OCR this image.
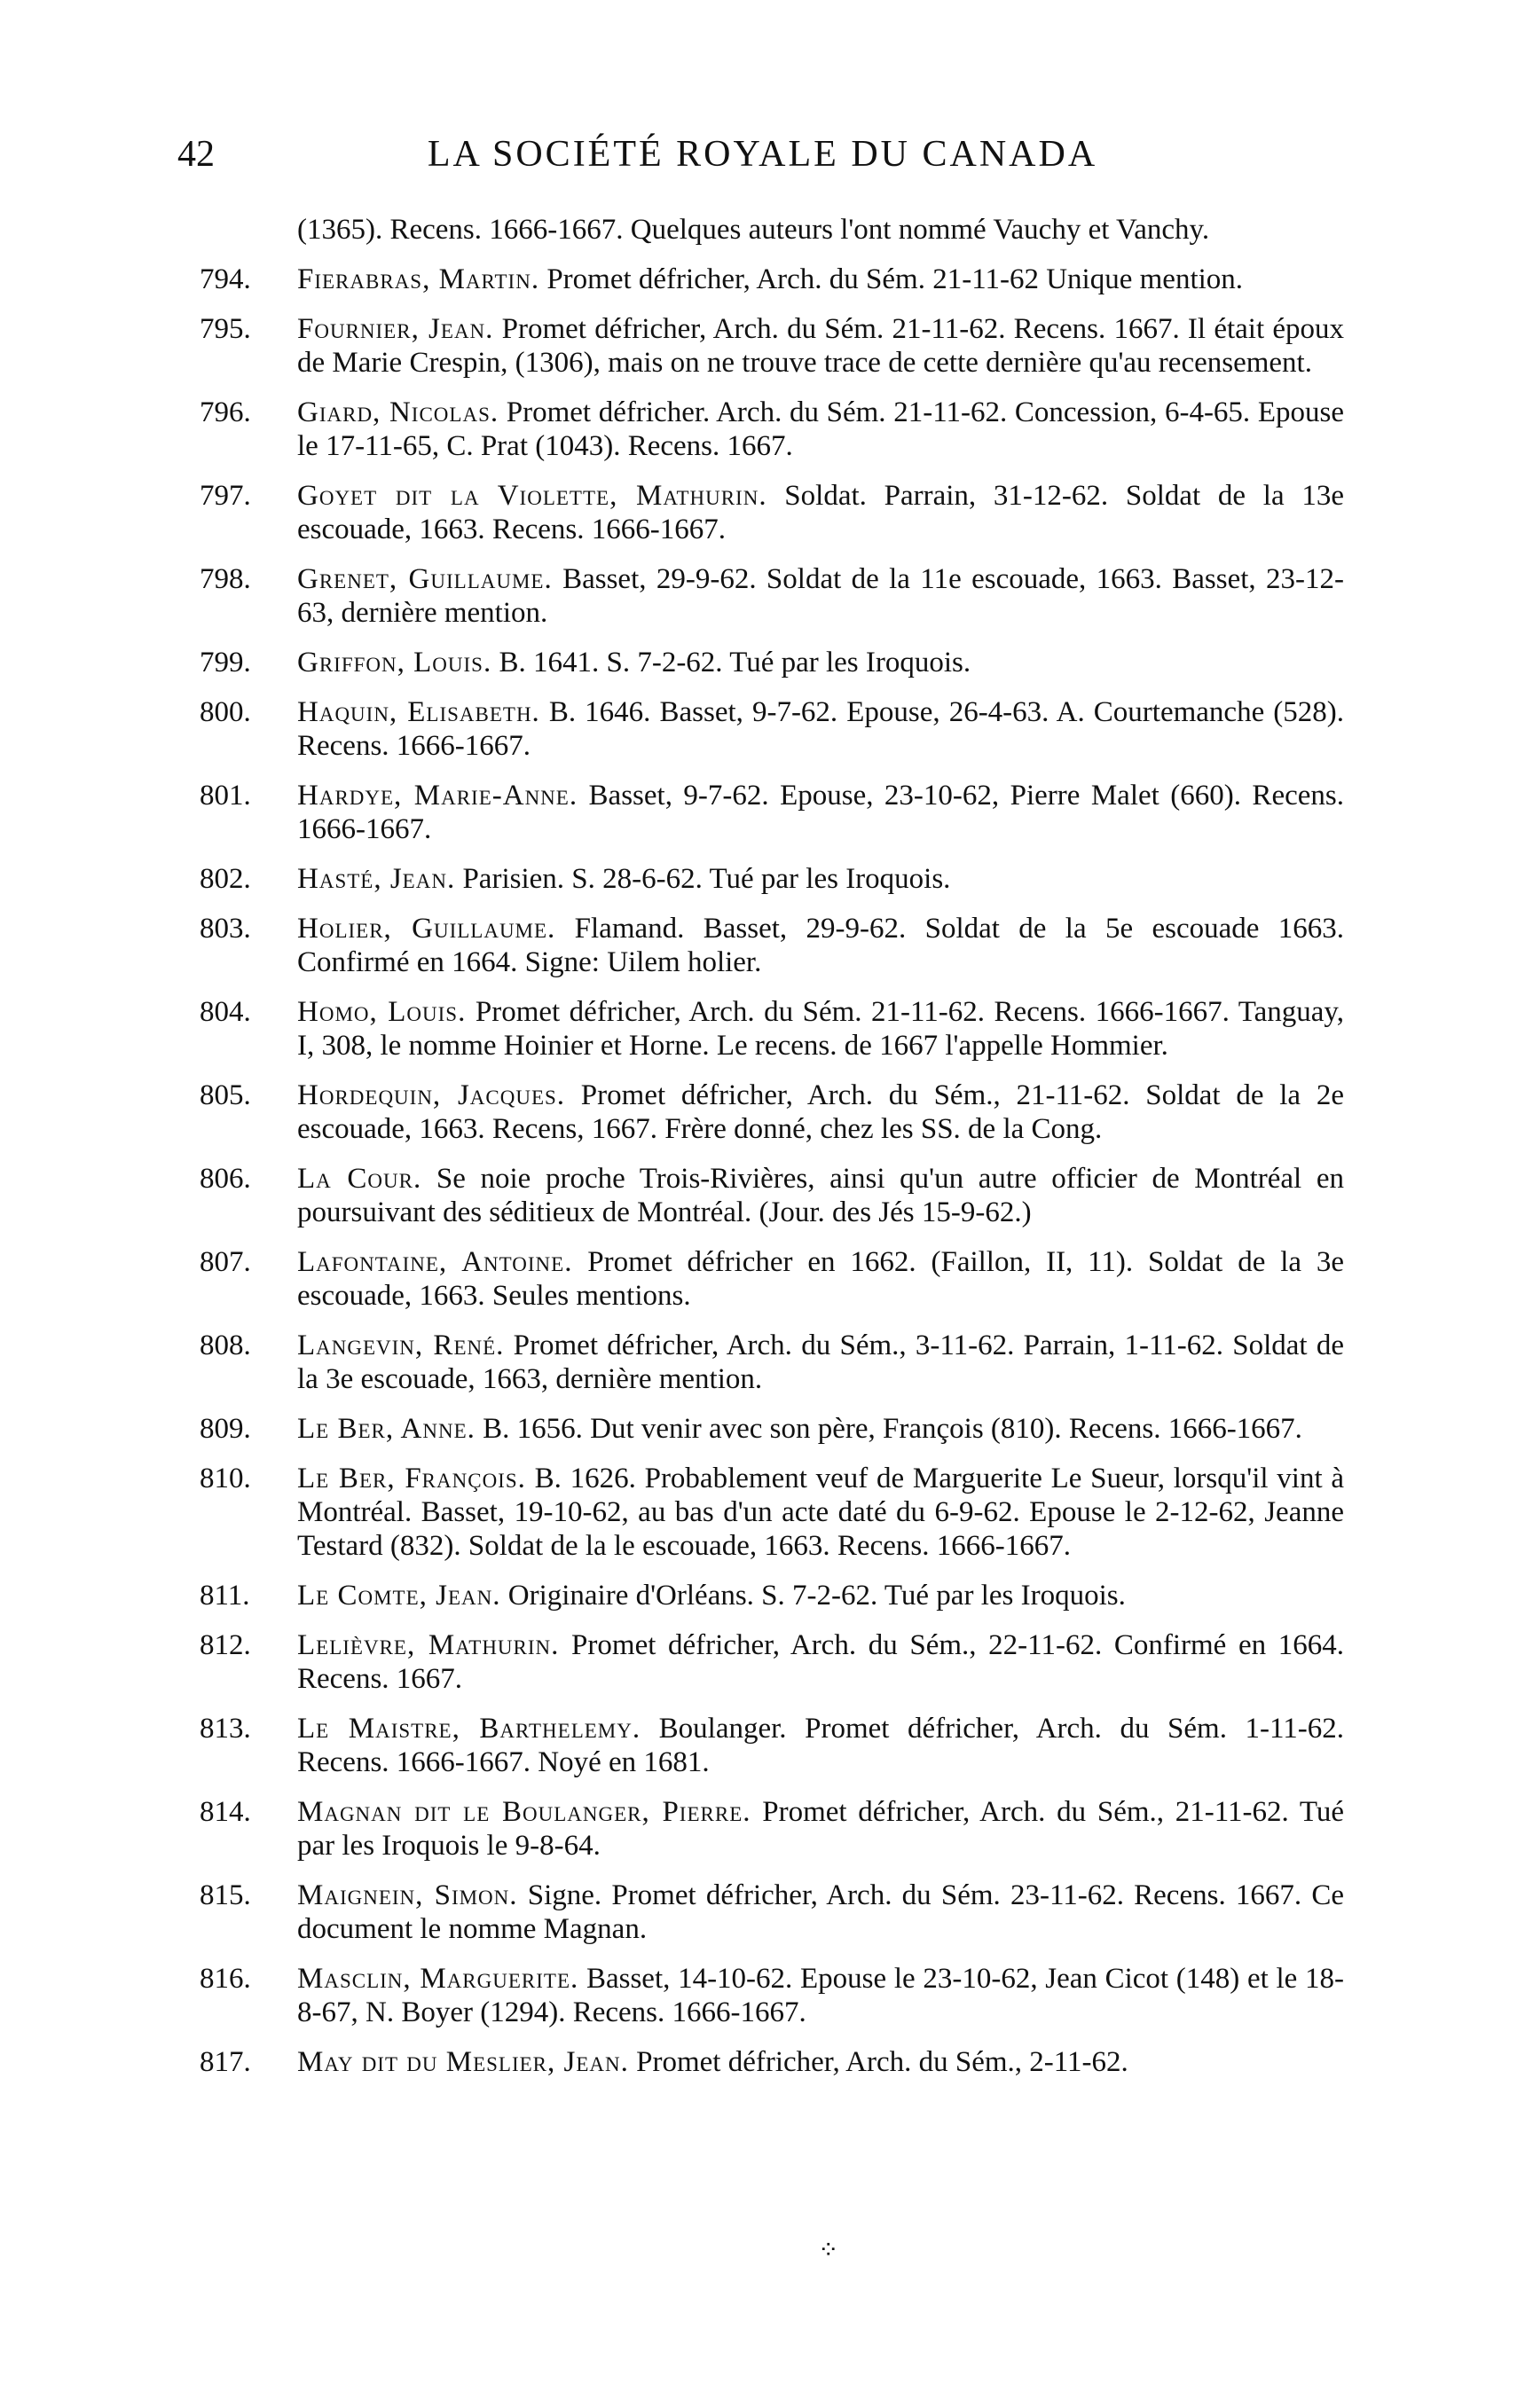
42	LA SOCIÉTÉ ROYALE DU CANADA

(1365). Recens. 1666-1667. Quelques auteurs l'ont nommé Vauchy et Vanchy.

794.	Fierabras, Martin. Promet défricher, Arch. du Sém. 21-11-62 Unique mention.

795.	Fournier, Jean. Promet défricher, Arch. du Sém. 21-11-62. Recens. 1667. Il était époux de Marie Crespin, (1306), mais on ne trouve trace de cette dernière qu'au recensement.

796.	Giard, Nicolas. Promet défricher. Arch. du Sém. 21-11-62. Concession, 6-4-65. Epouse le 17-11-65, C. Prat (1043). Recens. 1667.

797.	Goyet dit la Violette, Mathurin. Soldat. Parrain, 31-12-62. Soldat de la 13e escouade, 1663. Recens. 1666-1667.

798.	Grenet, Guillaume. Basset, 29-9-62. Soldat de la 11e escouade, 1663. Basset, 23-12-63, dernière mention.

799.	Griffon, Louis. B. 1641. S. 7-2-62. Tué par les Iroquois.

800.	Haquin, Elisabeth. B. 1646. Basset, 9-7-62. Epouse, 26-4-63. A. Courtemanche (528). Recens. 1666-1667.

801.	Hardye, Marie-Anne. Basset, 9-7-62. Epouse, 23-10-62, Pierre Malet (660). Recens. 1666-1667.

802.	Hasté, Jean. Parisien. S. 28-6-62. Tué par les Iroquois.

803.	Holier, Guillaume. Flamand. Basset, 29-9-62. Soldat de la 5e escouade 1663. Confirmé en 1664. Signe: Uilem holier.

804.	Homo, Louis. Promet défricher, Arch. du Sém. 21-11-62. Recens. 1666-1667. Tanguay, I, 308, le nomme Hoinier et Horne. Le recens. de 1667 l'appelle Hommier.

805.	Hordequin, Jacques. Promet défricher, Arch. du Sém., 21-11-62. Soldat de la 2e escouade, 1663. Recens, 1667. Frère donné, chez les SS. de la Cong.

806.	La Cour. Se noie proche Trois-Rivières, ainsi qu'un autre officier de Montréal en poursuivant des séditieux de Montréal. (Jour. des Jés 15-9-62.)

807.	Lafontaine, Antoine. Promet défricher en 1662. (Faillon, II, 11). Soldat de la 3e escouade, 1663. Seules mentions.

808.	Langevin, René. Promet défricher, Arch. du Sém., 3-11-62. Parrain, 1-11-62. Soldat de la 3e escouade, 1663, dernière mention.

809.	Le Ber, Anne. B. 1656. Dut venir avec son père, François (810). Recens. 1666-1667.

810.	Le Ber, François. B. 1626. Probablement veuf de Marguerite Le Sueur, lorsqu'il vint à Montréal. Basset, 19-10-62, au bas d'un acte daté du 6-9-62. Epouse le 2-12-62, Jeanne Testard (832). Soldat de la le escouade, 1663. Recens. 1666-1667.

811.	Le Comte, Jean. Originaire d'Orléans. S. 7-2-62. Tué par les Iroquois.

812.	Lelièvre, Mathurin. Promet défricher, Arch. du Sém., 22-11-62. Confirmé en 1664. Recens. 1667.

813.	Le Maistre, Barthelemy. Boulanger. Promet défricher, Arch. du Sém. 1-11-62. Recens. 1666-1667. Noyé en 1681.

814.	Magnan dit le Boulanger, Pierre. Promet défricher, Arch. du Sém., 21-11-62. Tué par les Iroquois le 9-8-64.

815.	Maignein, Simon. Signe. Promet défricher, Arch. du Sém. 23-11-62. Recens. 1667. Ce document le nomme Magnan.

816.	Masclin, Marguerite. Basset, 14-10-62. Epouse le 23-10-62, Jean Cicot (148) et le 18-8-67, N. Boyer (1294). Recens. 1666-1667.

817.	May dit du Meslier, Jean. Promet défricher, Arch. du Sém., 2-11-62.

⁘
